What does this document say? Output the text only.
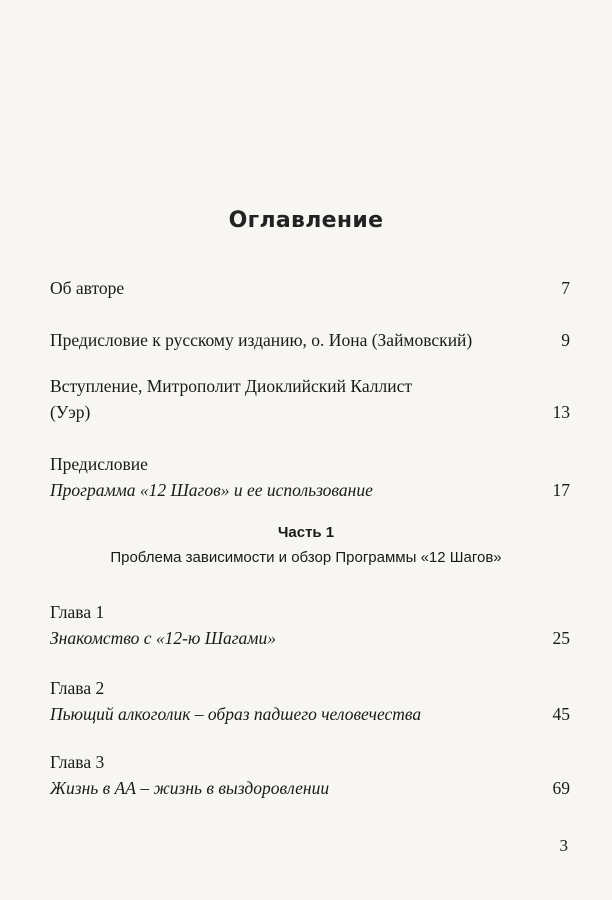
Оглавление
Об авторе	7
Предисловие к русскому изданию, о. Иона (Займовский)	9
Вступление, Митрополит Диоклийский Каллист
(Уэр)	13
Предисловие
Программа «12 Шагов» и ее использование	17
Часть 1
Проблема зависимости и обзор Программы «12 Шагов»
Глава 1
Знакомство с «12-ю Шагами»	25
Глава 2
Пьющий алкоголик – образ падшего человечества	45
Глава 3
Жизнь в АА – жизнь в выздоровлении	69
3
